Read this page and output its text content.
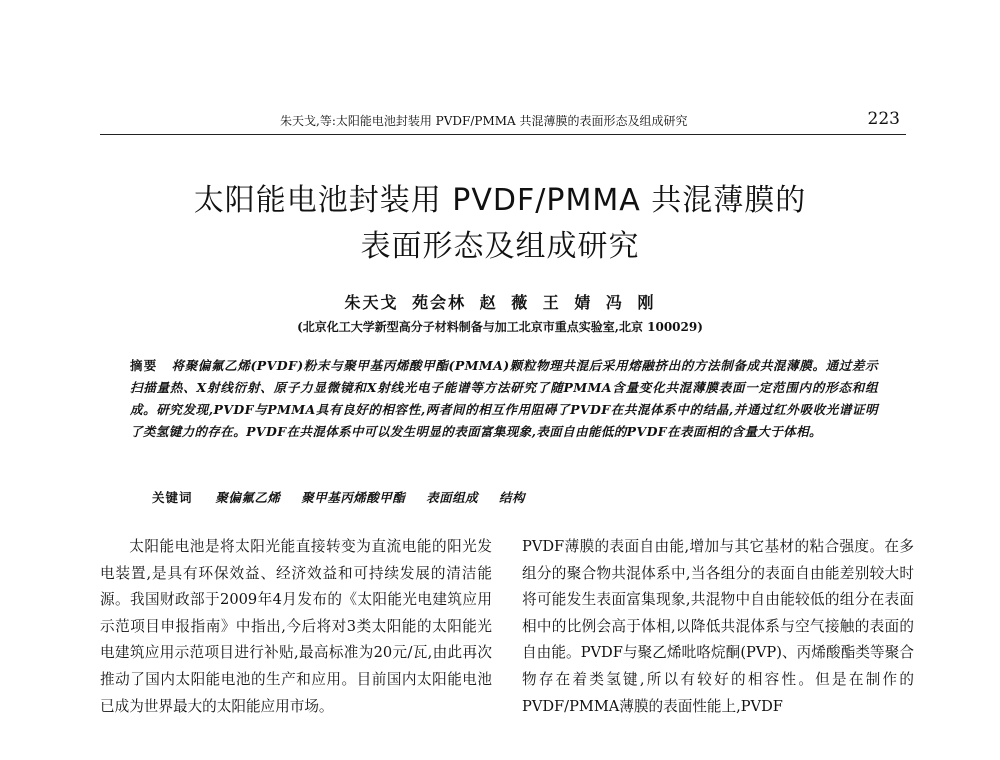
朱天戈,等:太阳能电池封装用 PVDF/PMMA 共混薄膜的表面形态及组成研究	223
太阳能电池封装用 PVDF/PMMA 共混薄膜的
表面形态及组成研究
朱天戈 苑会林 赵 薇 王 婧 冯 刚
(北京化工大学新型高分子材料制备与加工北京市重点实验室,北京 100029)
摘要 将聚偏氟乙烯(PVDF)粉末与聚甲基丙烯酸甲酯(PMMA)颗粒物理共混后采用熔融挤出的方法制备成共混薄膜。通过差示扫描量热、X射线衍射、原子力显微镜和X射线光电子能谱等方法研究了随PMMA含量变化共混薄膜表面一定范围内的形态和组成。研究发现,PVDF与PMMA具有良好的相容性,两者间的相互作用阻碍了PVDF在共混体系中的结晶,并通过红外吸收光谱证明了类氢键力的存在。PVDF在共混体系中可以发生明显的表面富集现象,表面自由能低的PVDF在表面相的含量大于体相。
关键词 聚偏氟乙烯 聚甲基丙烯酸甲酯 表面组成 结构
太阳能电池是将太阳光能直接转变为直流电能的阳光发电装置,是具有环保效益、经济效益和可持续发展的清洁能源。我国财政部于2009年4月发布的《太阳能光电建筑应用示范项目申报指南》中指出,今后将对3类太阳能的太阳能光电建筑应用示范项目进行补贴,最高标准为20元/瓦,由此再次推动了国内太阳能电池的生产和应用。目前国内太阳能电池已成为世界最大的太阳能应用市场。
PVDF薄膜的表面自由能,增加与其它基材的粘合强度。在多组分的聚合物共混体系中,当各组分的表面自由能差别较大时将可能发生表面富集现象,共混物中自由能较低的组分在表面相中的比例会高于体相,以降低共混体系与空气接触的表面的自由能。PVDF与聚乙烯吡咯烷酮(PVP)、丙烯酸酯类等聚合物存在着类氢键,所以有较好的相容性。但是在制作的PVDF/PMMA薄膜的表面性能上,PVDF
